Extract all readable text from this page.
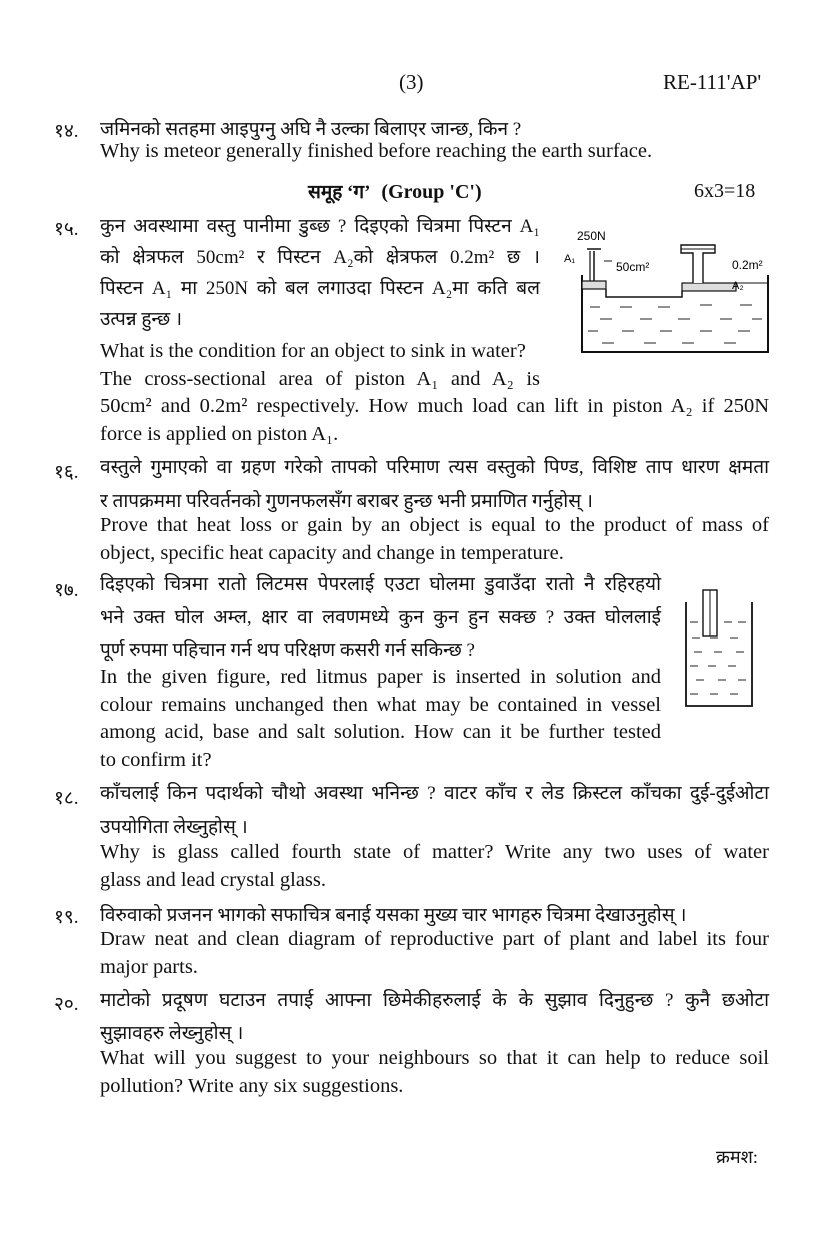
(3)	RE-111'AP'
१४. जमिनको सतहमा आइपुग्नु अघि नै उल्का बिलाएर जान्छ, किन ?
Why is meteor generally finished before reaching the earth surface.
समूह ‘ग’ (Group 'C')	6x3=18
१५. कुन अवस्थामा वस्तु पानीमा डुब्छ ? दिइएको चित्रमा पिस्टन A₁
को क्षेत्रफल 50cm² र पिस्टन A₂को क्षेत्रफल 0.2m² छ ।
पिस्टन A₁ मा 250N को बल लगाउदा पिस्टन A₂मा कति बल
उत्पन्न हुन्छ ।
What is the condition for an object to sink in water?
The cross-sectional area of piston A₁ and A₂ is
50cm² and 0.2m² respectively. How much load can lift in piston A₂ if 250N
force is applied on piston A₁.
250N
A₁
50cm²	0.2m²
A₂
१६. वस्तुले गुमाएको वा ग्रहण गरेको तापको परिमाण त्यस वस्तुको पिण्ड, विशिष्ट ताप धारण क्षमता
र तापक्रममा परिवर्तनको गुणनफलसँग बराबर हुन्छ भनी प्रमाणित गर्नुहोस् ।
Prove that heat loss or gain by an object is equal to the product of mass of
object, specific heat capacity and change in temperature.
१७. दिइएको चित्रमा रातो लिटमस पेपरलाई एउटा घोलमा डुवाउँदा रातो नै रहिरहयो
भने उक्त घोल अम्ल, क्षार वा लवणमध्ये कुन कुन हुन सक्छ ? उक्त घोललाई
पूर्ण रुपमा पहिचान गर्न थप परिक्षण कसरी गर्न सकिन्छ ?
In the given figure, red litmus paper is inserted in solution and
colour remains unchanged then what may be contained in vessel
among acid, base and salt solution. How can it be further tested
to confirm it?
१८. काँचलाई किन पदार्थको चौथो अवस्था भनिन्छ ? वाटर काँच र लेड क्रिस्टल काँचका दुई-दुईओटा
उपयोगिता लेख्नुहोस् ।
Why is glass called fourth state of matter? Write any two uses of water
glass and lead crystal glass.
१९. विरुवाको प्रजनन भागको सफाचित्र बनाई यसका मुख्य चार भागहरु चित्रमा देखाउनुहोस् ।
Draw neat and clean diagram of reproductive part of plant and label its four
major parts.
२०. माटोको प्रदूषण घटाउन तपाई आफ्ना छिमेकीहरुलाई के के सुझाव दिनुहुन्छ ? कुनै छओटा
सुझावहरु लेख्नुहोस् ।
What will you suggest to your neighbours so that it can help to reduce soil
pollution? Write any six suggestions.
क्रमश:
